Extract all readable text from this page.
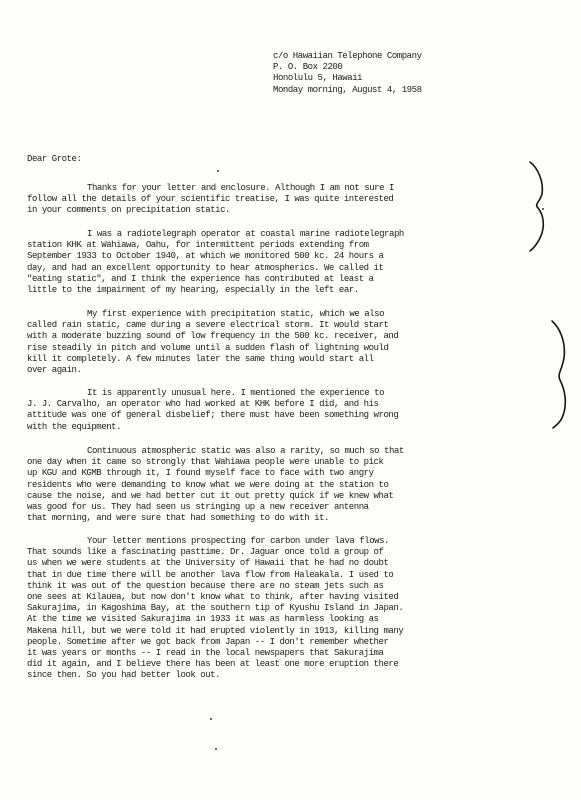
c/o Hawaiian Telephone Company
P. O. Box 2200
Honolulu 5, Hawaii
Monday morning, August 4, 1958
Dear Grote:
Thanks for your letter and enclosure. Although I am not sure I
follow all the details of your scientific treatise, I was quite interested
in your comments on precipitation static.
I was a radiotelegraph operator at coastal marine radiotelegraph
station KHK at Wahiawa, Oahu, for intermittent periods extending from
September 1933 to October 1940, at which we monitored 500 kc. 24 hours a
day, and had an excellent opportunity to hear atmospherics. We called it
"eating static", and I think the experience has contributed at least a
little to the impairment of my hearing, especially in the left ear.
My first experience with precipitation static, which we also
called rain static, came during a severe electrical storm. It would start
with a moderate buzzing sound of low frequency in the 500 kc. receiver, and
rise steadily in pitch and volume until a sudden flash of lightning would
kill it completely. A few minutes later the same thing would start all
over again.
It is apparently unusual here. I mentioned the experience to
J. J. Carvalho, an operator who had worked at KHK before I did, and his
attitude was one of general disbelief; there must have been something wrong
with the equipment.
Continuous atmospheric static was also a rarity, so much so that
one day when it came so strongly that Wahiawa people were unable to pick
up KGU and KGMB through it, I found myself face to face with two angry
residents who were demanding to know what we were doing at the station to
cause the noise, and we had better cut it out pretty quick if we knew what
was good for us. They had seen us stringing up a new receiver antenna
that morning, and were sure that had something to do with it.
Your letter mentions prospecting for carbon under lava flows.
That sounds like a fascinating pasttime. Dr. Jaguar once told a group of
us when we were students at the University of Hawaii that he had no doubt
that in due time there will be another lava flow from Haleakala. I used to
think it was out of the question because there are no steam jets such as
one sees at Kilauea, but now don't know what to think, after having visited
Sakurajima, in Kagoshima Bay, at the southern tip of Kyushu Island in Japan.
At the time we visited Sakurajima in 1933 it was as harmless looking as
Makena hill, but we were told it had erupted violently in 1913, killing many
people. Sometime after we got back from Japan -- I don't remember whether
it was years or months -- I read in the local newspapers that Sakurajima
did it again, and I believe there has been at least one more eruption there
since then. So you had better look out.
